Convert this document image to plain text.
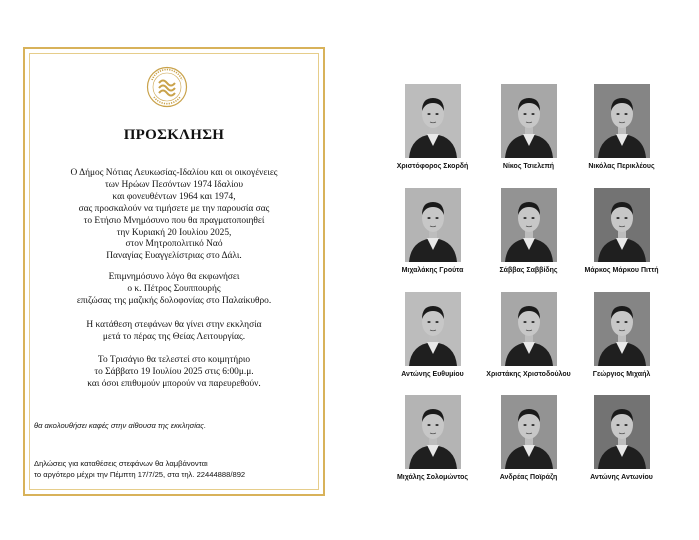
ΠΡΟΣΚΛΗΣΗ
Ο Δήμος Νότιας Λευκωσίας-Ιδαλίου και οι οικογένειες
των Ηρώων Πεσόντων 1974 Ιδαλίου
και φονευθέντων 1964 και 1974,
σας προσκαλούν να τιμήσετε με την παρουσία σας
το Ετήσιο Μνημόσυνο που θα πραγματοποιηθεί
την Κυριακή 20 Ιουλίου 2025,
στον Μητροπολιτικό Ναό
Παναγίας Ευαγγελίστριας στο Δάλι.
Επιμνημόσυνο λόγο θα εκφωνήσει
ο κ. Πέτρος Σουππουρής
επιζώσας της μαζικής δολοφονίας στο Παλαίκυθρο.
Η κατάθεση στεφάνων θα γίνει στην εκκλησία
μετά το πέρας της Θείας Λειτουργίας.
Το Τρισάγιο θα τελεστεί στο κοιμητήριο
το Σάββατο 19 Ιουλίου 2025 στις 6:00μ.μ.
και όσοι επιθυμούν μπορούν να παρευρεθούν.
θα ακολουθήσει καφές στην αίθουσα της εκκλησίας.
Δηλώσεις για καταθέσεις στεφάνων θα λαμβάνονται
το αργότερο μέχρι την Πέμπτη 17/7/25, στα τηλ. 22444888/892
Χριστόφορος Σκορδή	Νίκος Τσιελεπή	Νικόλας Περικλέους
Μιχαλάκης Γρούτα	Σάββας Σαββίδης	Μάρκος Μάρκου Πιττή
Αντώνης Ευθυμίου	Χριστάκης Χριστοδούλου	Γεώργιος Μιχαήλ
Μιχάλης Σολομώντος	Ανδρέας Ποϊράζη	Αντώνης Αντωνίου
